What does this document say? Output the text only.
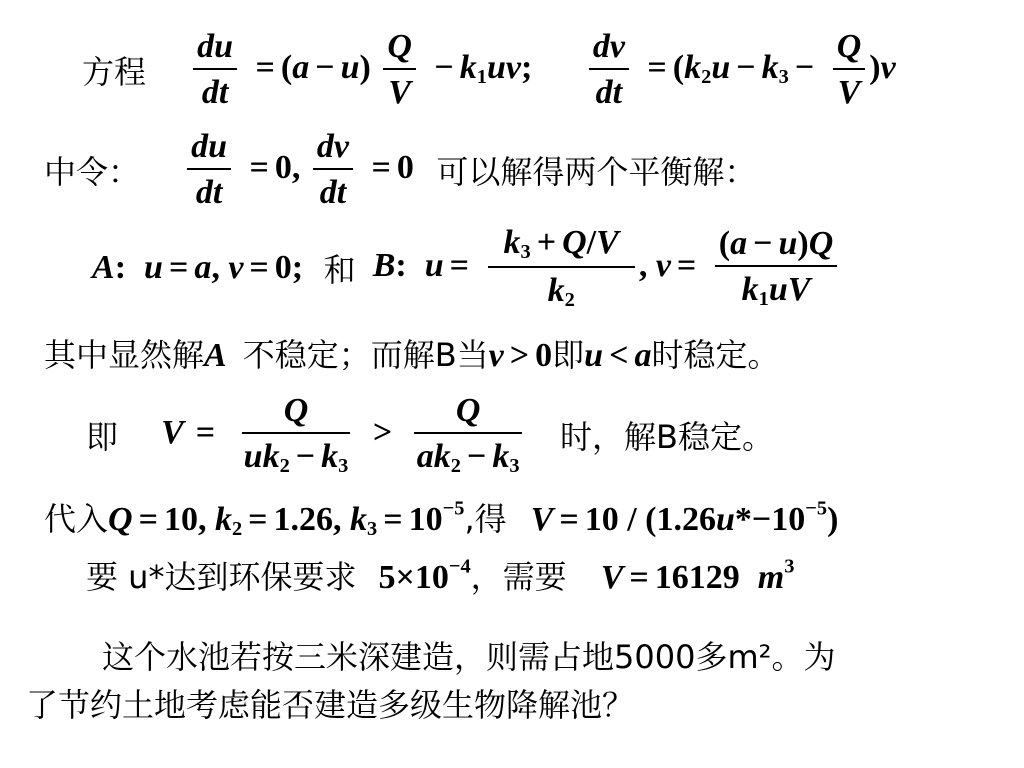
方程 $\frac{du}{dt} = (a - u) \frac{Q}{V} - k_1uv$; $\frac{dv}{dt} = (k_2u - k_3 - \frac{Q}{V} )v$
中令： $\frac{du}{dt} = 0$, $\frac{dv}{dt} = 0$ 可以解得两个平衡解：
A: u = a, v = 0; 和 B: $u = \frac{k_3 + Q/V}{k_2}$ , $v = \frac{(a - u)Q}{k_1uV}$
其中显然解A 不稳定；而解B当v > 0即u < a时稳定。
即 $V = \frac{Q}{uk_2 - k_3} > \frac{Q}{ak_2 - k_3}$ 时，解B稳定。
代入Q = 10, $k_2 = 1.26$, $k_3 = 10^{-5}$,得 $V = 10 / (1.26u*-10^{-5})$
要 u*达到环保要求 $5\times 10^{-4}$，需要 V = 16129 $m^3$
这个水池若按三米深建造，则需占地5000多m²。为
了节约土地考虑能否建造多级生物降解池？
